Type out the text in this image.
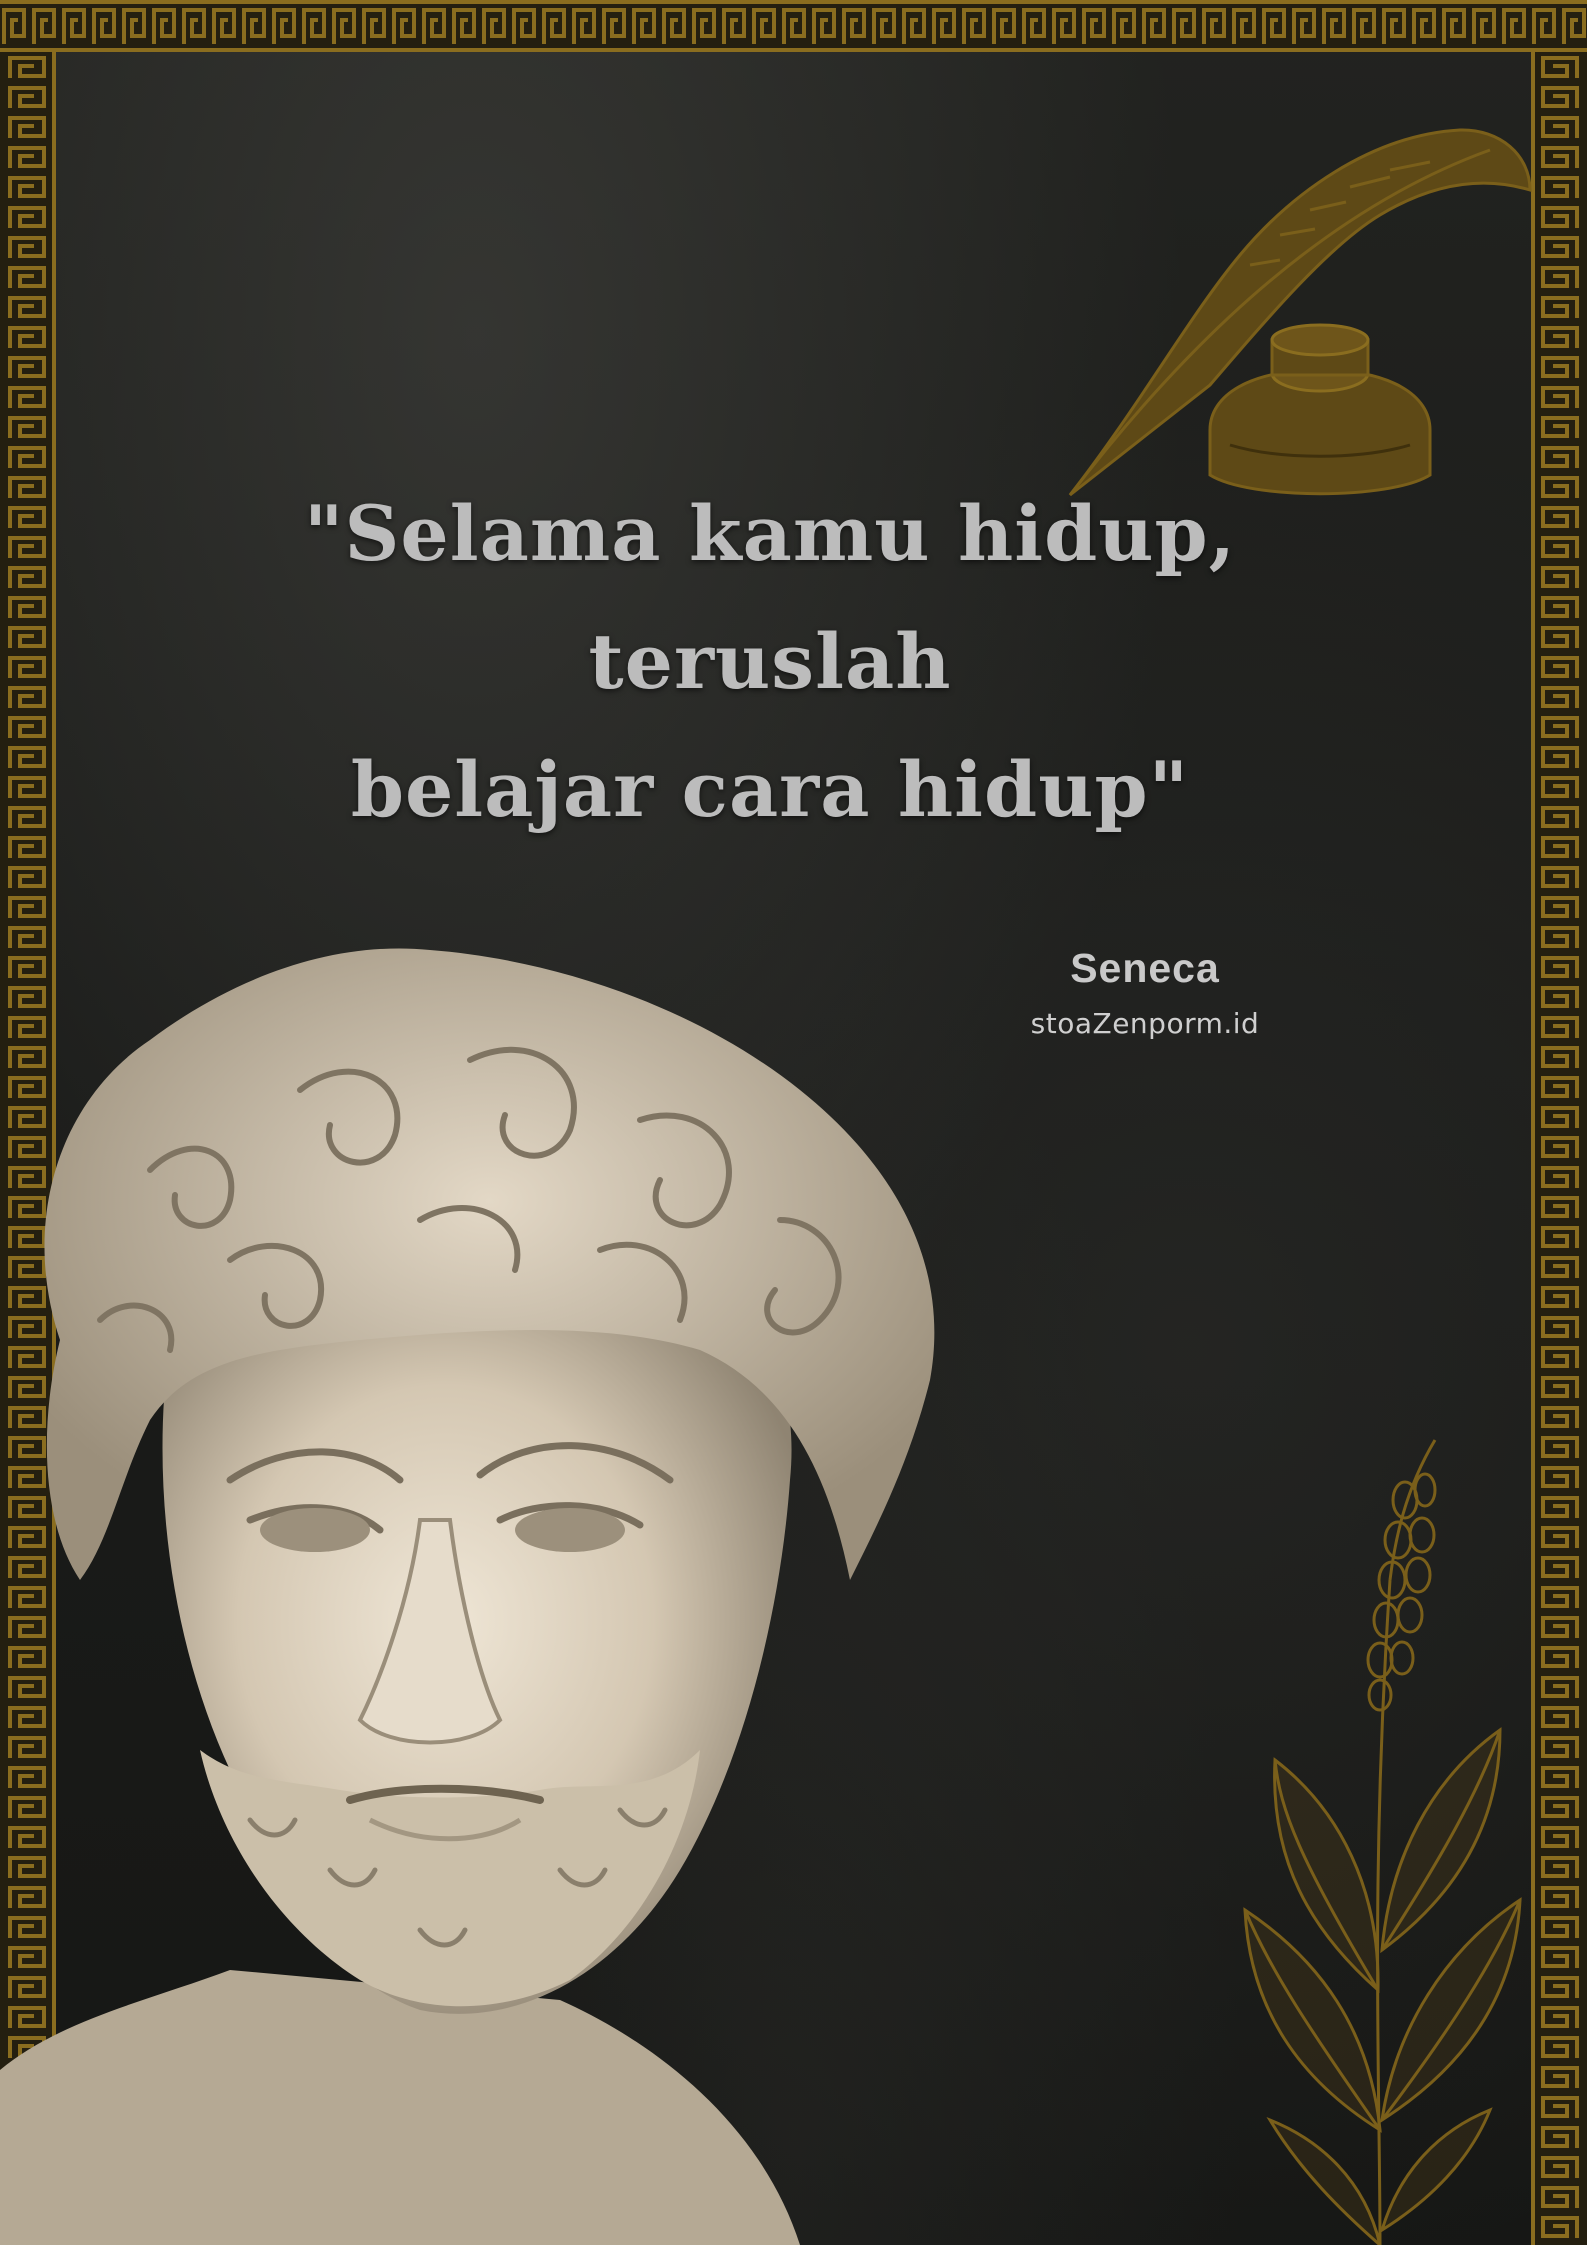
"Selama kamu hidup, teruslah
belajar cara hidup"
Seneca
stoaZenporm.id
